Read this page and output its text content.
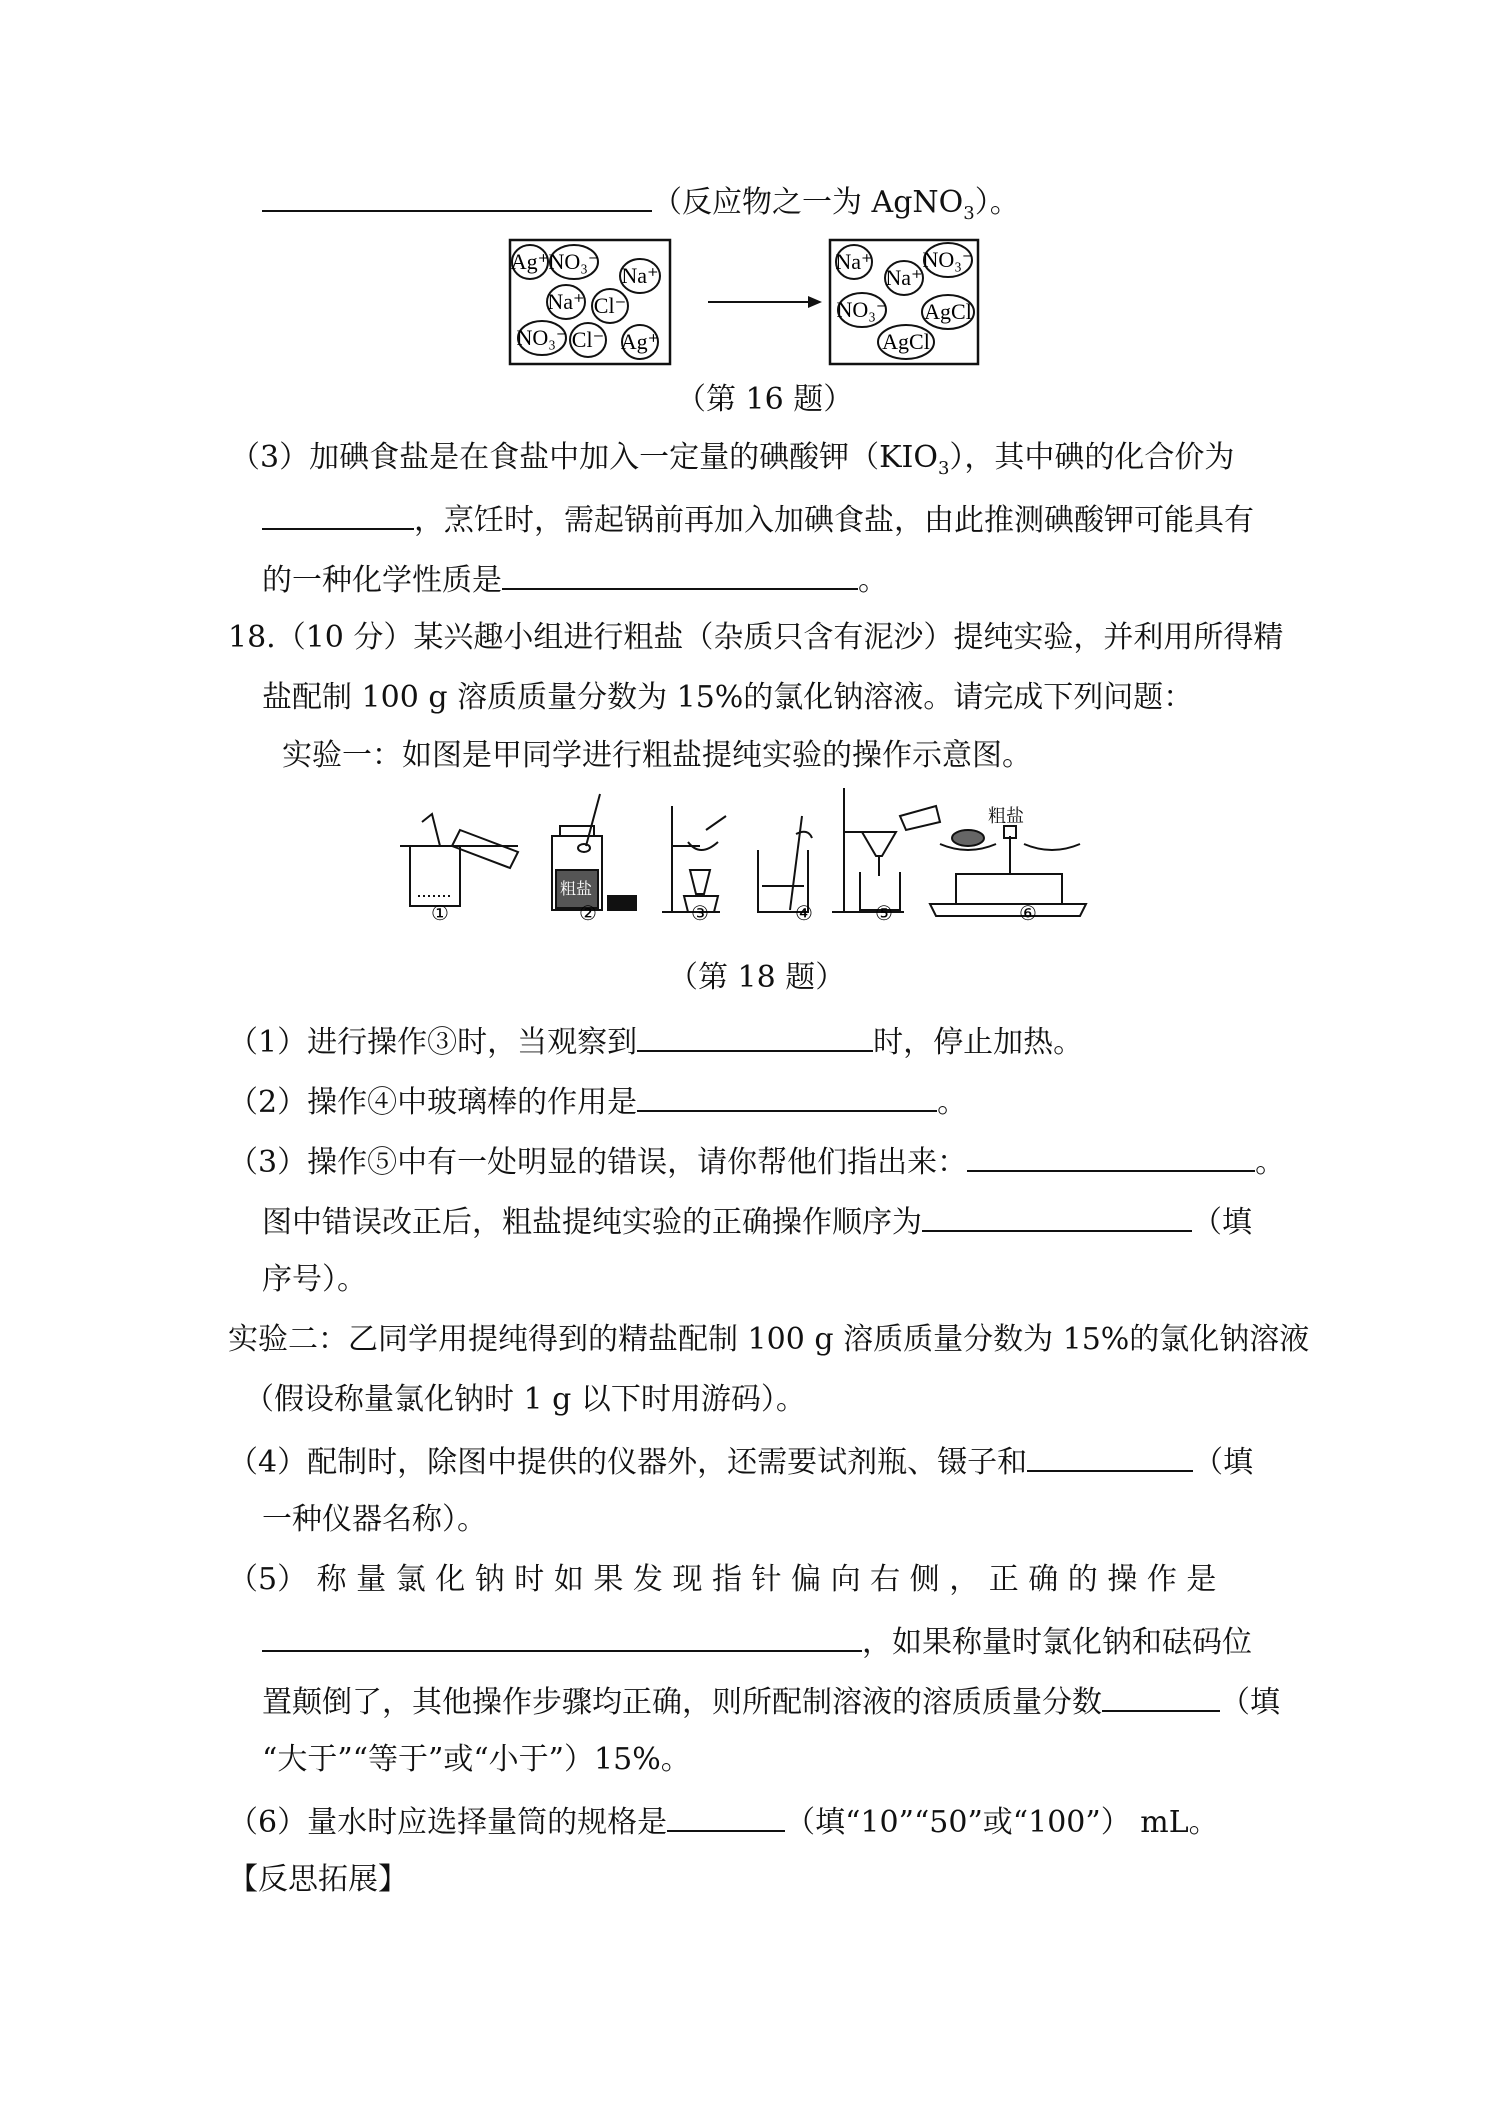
（反应物之一为 AgNO$_3$）。
Ag⁺ NO₃⁻
Na⁺
Na⁺ Cl⁻
NO₃⁻ Cl⁻ Ag⁺
Na⁺ NO₃⁻
Na⁺
NO₃⁻ AgCl
AgCl
（第 16 题）
（3）加碘食盐是在食盐中加入一定量的碘酸钾$(KIO_3)$，其中碘的化合价为
，烹饪时，需起锅前再加入加碘食盐，由此推测碘酸钾可能具有
的一种化学性质是	。
18.（10 分）某兴趣小组进行粗盐（杂质只含有泥沙）提纯实验，并利用所得精
盐配制 100 g 溶质质量分数为 15%的氯化钠溶液。请完成下列问题：
实验一：如图是甲同学进行粗盐提纯实验的操作示意图。
①	②	③	④	⑤	⑥
粗盐
粗盐
（第 18 题）
（1）进行操作③时，当观察到	时，停止加热。
（2）操作④中玻璃棒的作用是	。
（3）操作⑤中有一处明显的错误，请你帮他们指出来：	。
图中错误改正后，粗盐提纯实验的正确操作顺序为	（填
序号）。
实验二：乙同学用提纯得到的精盐配制 100 g 溶质质量分数为 15%的氯化钠溶液
（假设称量氯化钠时 1 g 以下时用游码）。
（4）配制时，除图中提供的仪器外，还需要试剂瓶、镊子和	（填
一种仪器名称）。
（5） 称 量 氯 化 钠 时 如 果 发 现 指 针 偏 向 右 侧 ， 正 确 的 操 作 是
，如果称量时氯化钠和砝码位
置颠倒了，其他操作步骤均正确，则所配制溶液的溶质质量分数	（填
“大于”“等于”或“小于”）15%。
（6）量水时应选择量筒的规格是	（填“10”“50”或“100”） mL。
【反思拓展】
